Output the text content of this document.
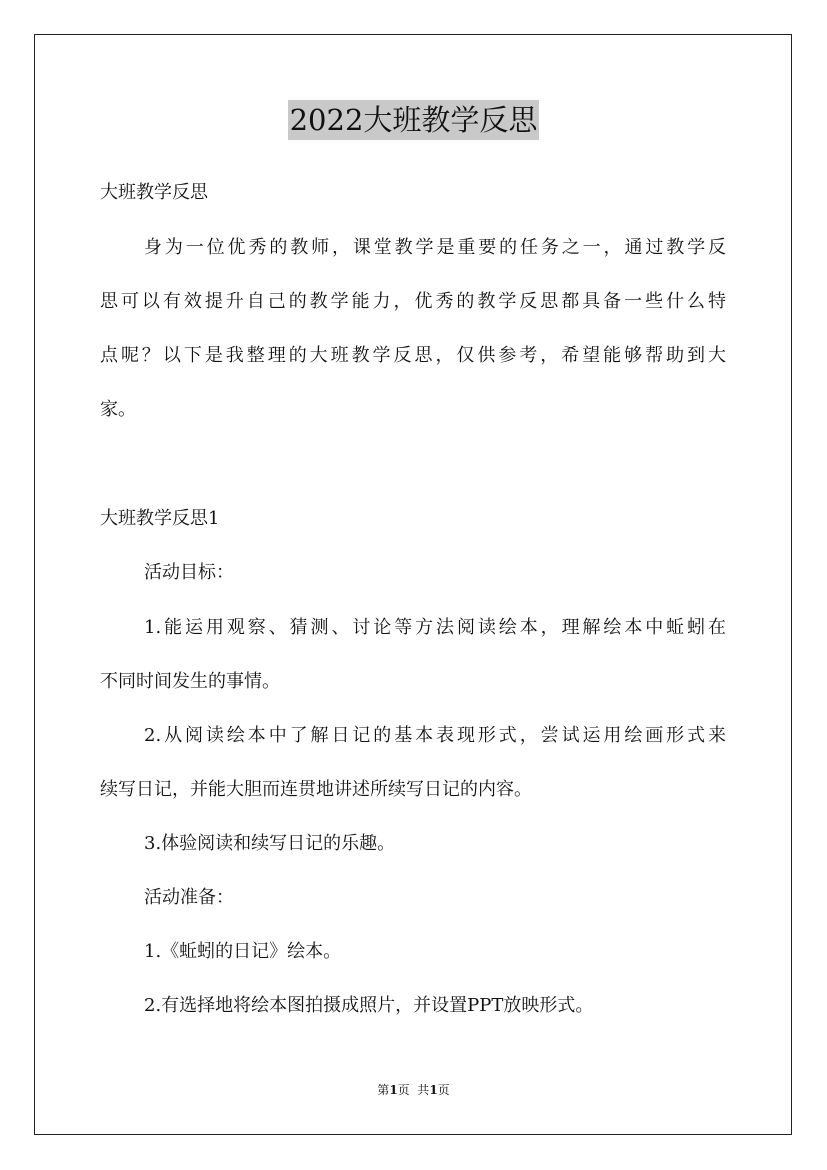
2022大班教学反思
大班教学反思
身为一位优秀的教师，课堂教学是重要的任务之一，通过教学反
思可以有效提升自己的教学能力，优秀的教学反思都具备一些什么特
点呢？以下是我整理的大班教学反思，仅供参考，希望能够帮助到大
家。
大班教学反思1
活动目标：
1.能运用观察、猜测、讨论等方法阅读绘本，理解绘本中蚯蚓在
不同时间发生的事情。
2.从阅读绘本中了解日记的基本表现形式，尝试运用绘画形式来
续写日记，并能大胆而连贯地讲述所续写日记的内容。
3.体验阅读和续写日记的乐趣。
活动准备：
1.《蚯蚓的日记》绘本。
2.有选择地将绘本图拍摄成照片，并设置PPT放映形式。
第1页  共1页
